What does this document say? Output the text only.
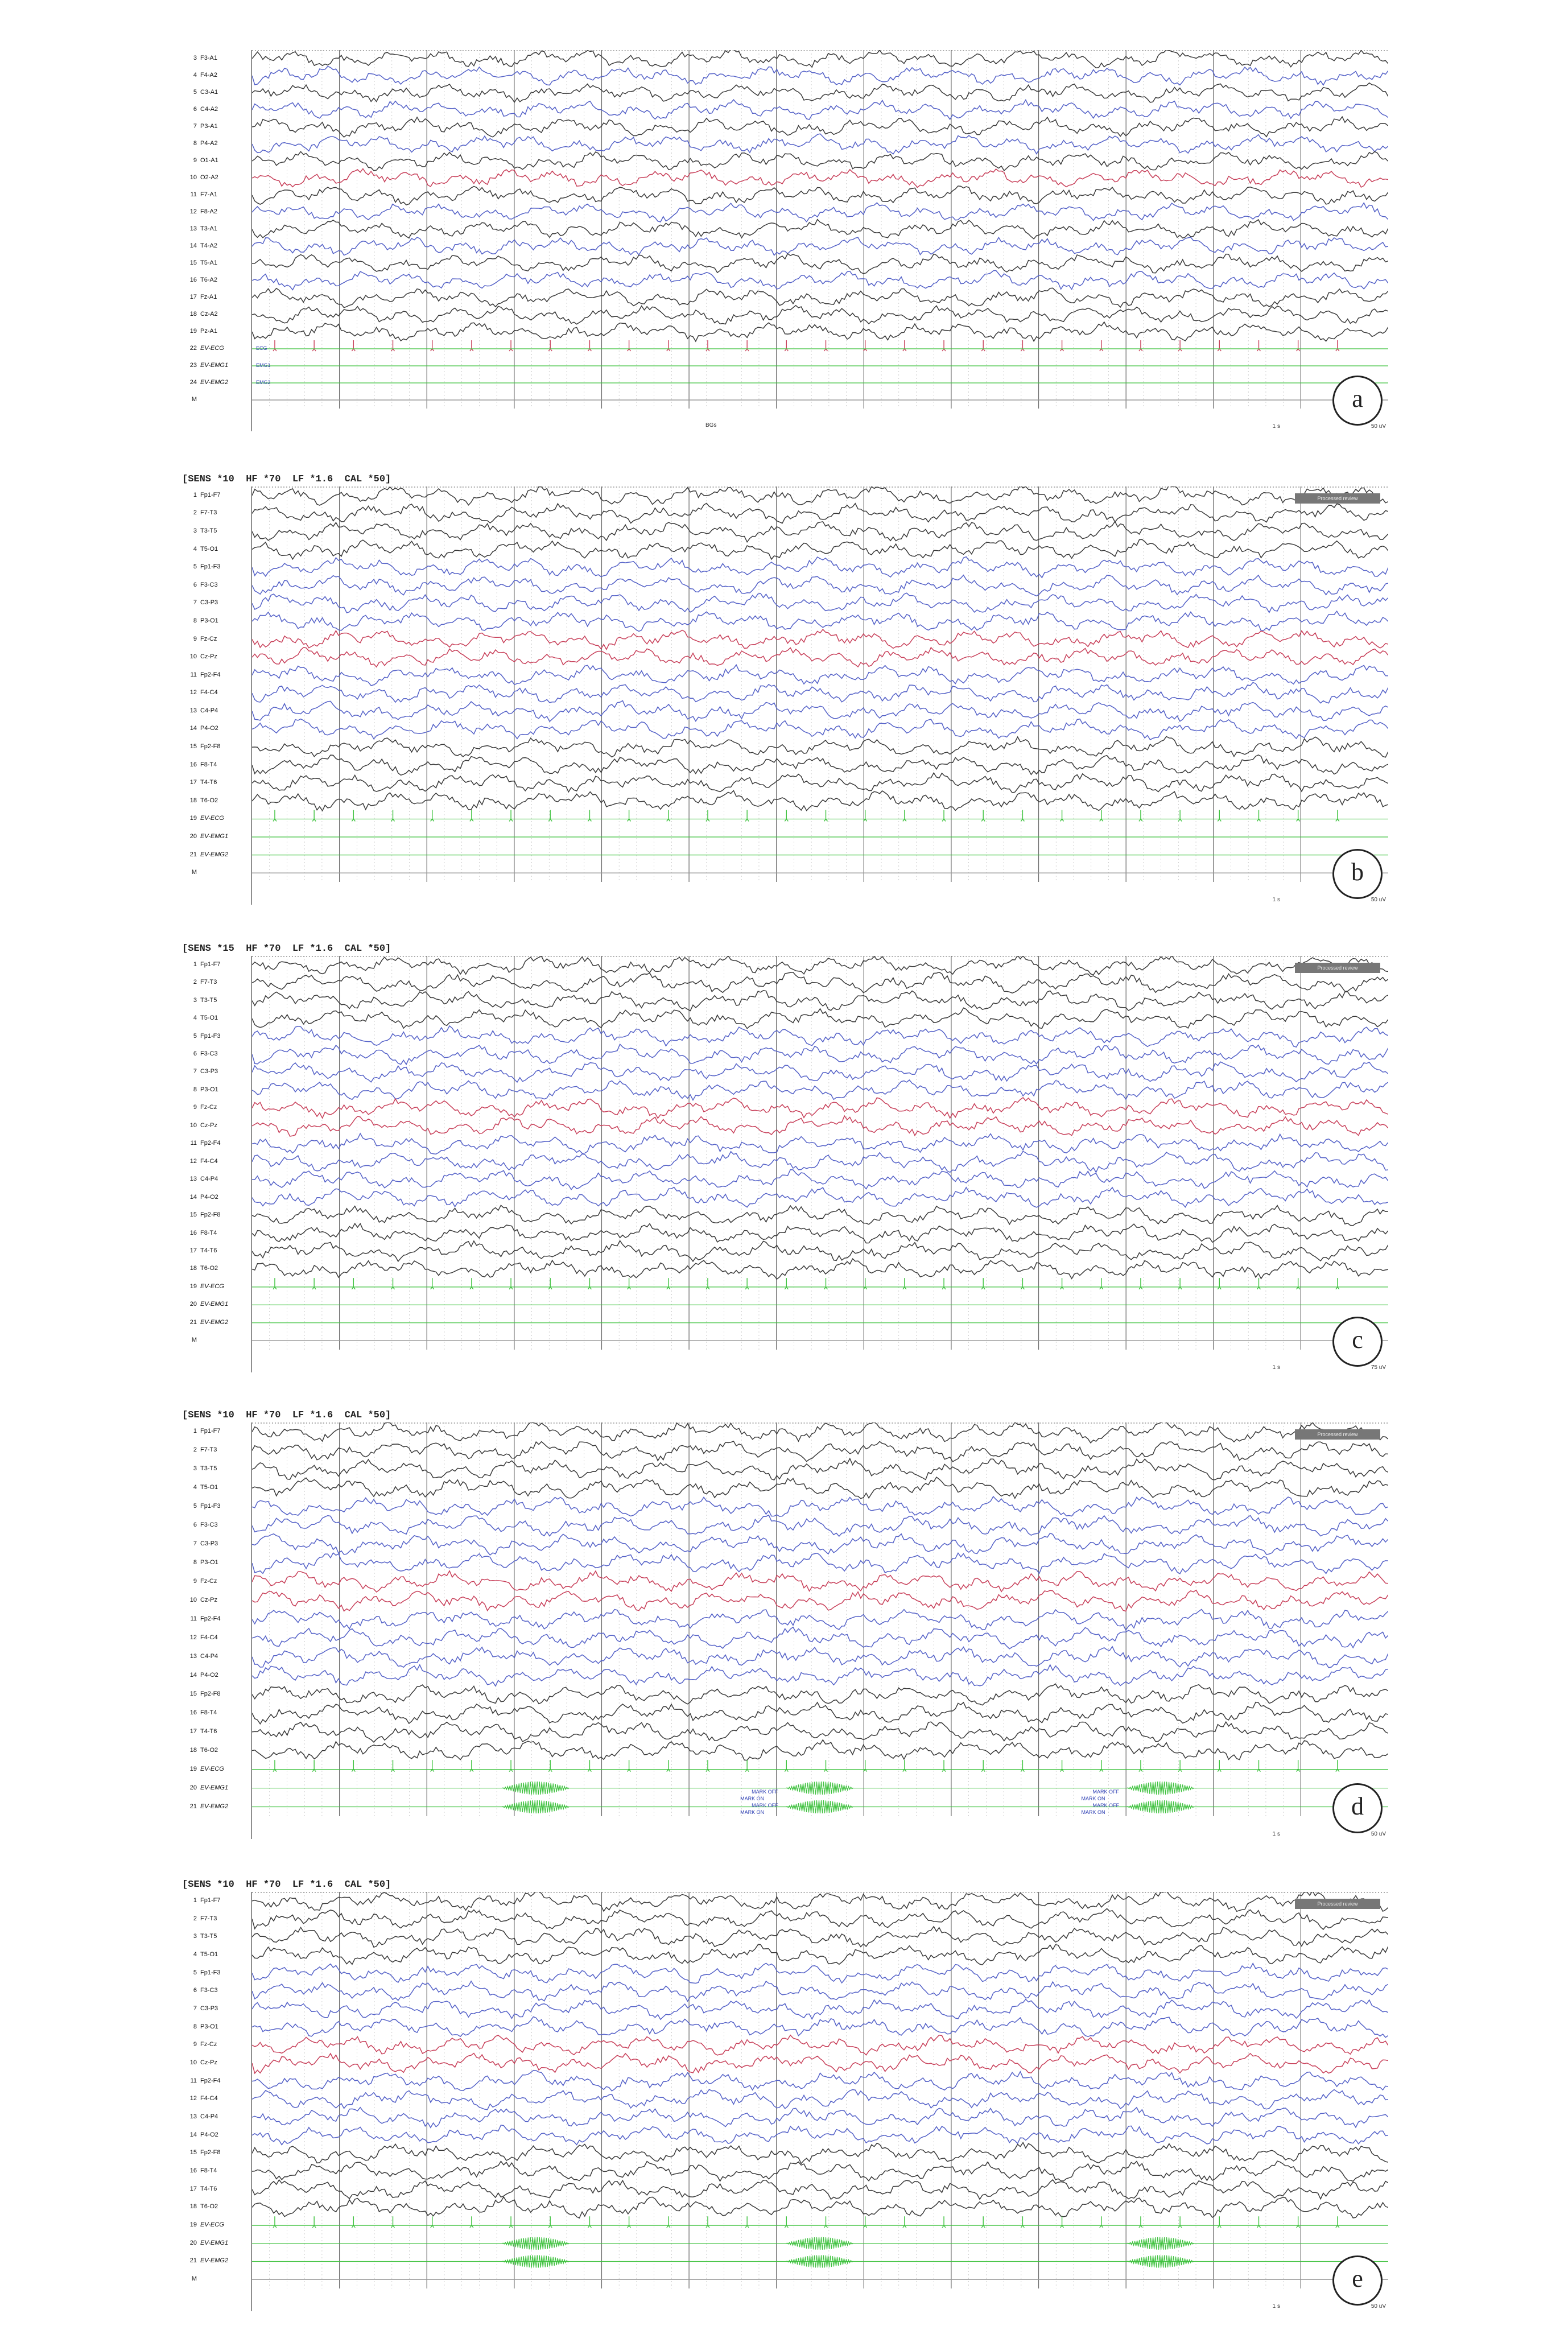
3 F3-A1
4 F4-A2
5 C3-A1
6 C4-A2
7 P3-A1
8 P4-A2
9 O1-A1
10 O2-A2
11 F7-A1
12 F8-A2
13 T3-A1
14 T4-A2
15 T5-A1
16 T6-A2
17 Fz-A1
18 Cz-A2
19 Pz-A1
22 EV-ECG
23 EV-EMG1
24 EV-EMG2
M	a
1 s	50 uV
BGs
ECG
EMG1
EMG2
[SENS *10  HF *70  LF *1.6  CAL *50]
1 Fp1-F7
2 F7-T3
3 T3-T5
4 T5-O1
5 Fp1-F3
6 F3-C3
7 C3-P3
8 P3-O1
9 Fz-Cz
10 Cz-Pz
11 Fp2-F4
12 F4-C4
13 C4-P4
14 P4-O2
15 Fp2-F8
16 F8-T4
17 T4-T6
18 T6-O2
19 EV-ECG
20 EV-EMG1
21 EV-EMG2
M	b
1 s	50 uV
Processed review
[SENS *15  HF *70  LF *1.6  CAL *50]
1 Fp1-F7
2 F7-T3
3 T3-T5
4 T5-O1
5 Fp1-F3
6 F3-C3
7 C3-P3
8 P3-O1
9 Fz-Cz
10 Cz-Pz
11 Fp2-F4
12 F4-C4
13 C4-P4
14 P4-O2
15 Fp2-F8
16 F8-T4
17 T4-T6
18 T6-O2
19 EV-ECG
20 EV-EMG1
21 EV-EMG2
M	c
1 s	75 uV
Processed review
[SENS *10  HF *70  LF *1.6  CAL *50]
1 Fp1-F7
2 F7-T3
3 T3-T5
4 T5-O1
5 Fp1-F3
6 F3-C3
7 C3-P3
8 P3-O1
9 Fz-Cz
10 Cz-Pz
11 Fp2-F4
12 F4-C4
13 C4-P4
14 P4-O2
15 Fp2-F8
16 F8-T4
17 T4-T6
18 T6-O2
19 EV-ECG
20 EV-EMG1
21 EV-EMG2	d
1 s	50 uV
Processed review
MARK OFF	MARK OFF
MARK ON	MARK ON
MARK OFF	MARK OFF
MARK ON	MARK ON
[SENS *10  HF *70  LF *1.6  CAL *50]
1 Fp1-F7
2 F7-T3
3 T3-T5
4 T5-O1
5 Fp1-F3
6 F3-C3
7 C3-P3
8 P3-O1
9 Fz-Cz
10 Cz-Pz
11 Fp2-F4
12 F4-C4
13 C4-P4
14 P4-O2
15 Fp2-F8
16 F8-T4
17 T4-T6
18 T6-O2
19 EV-ECG
20 EV-EMG1
21 EV-EMG2
M	e
1 s	50 uV
Processed review
